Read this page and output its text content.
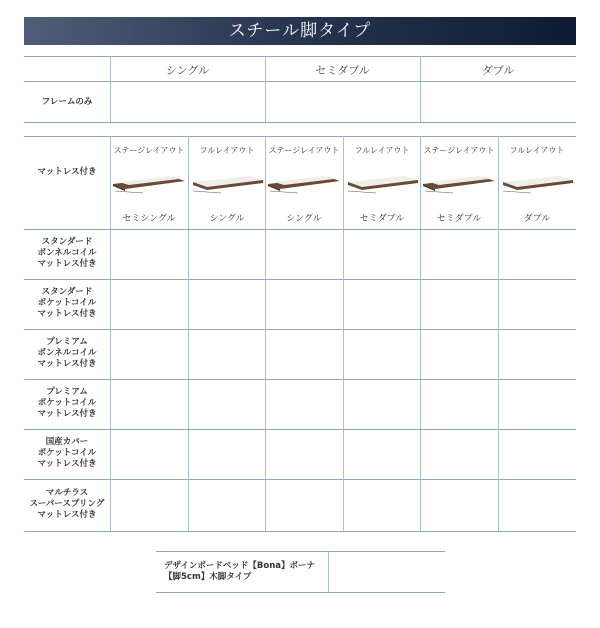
スチール脚タイプ
シングル	セミダブル	ダブル
フレームのみ
マットレス付き
ステージレイアウト
セミシングル
フルレイアウト
シングル
ステージレイアウト
シングル
フルレイアウト
セミダブル
ステージレイアウト
セミダブル
フルレイアウト
ダブル
スタンダード
ボンネルコイル
マットレス付き
スタンダード
ポケットコイル
マットレス付き
プレミアム
ボンネルコイル
マットレス付き
プレミアム
ポケットコイル
マットレス付き
国産カバー
ポケットコイル
マットレス付き
マルチラス
スーパースプリング
マットレス付き
デザインボードベッド【Bona】ボーナ
【脚5cm】木脚タイプ
